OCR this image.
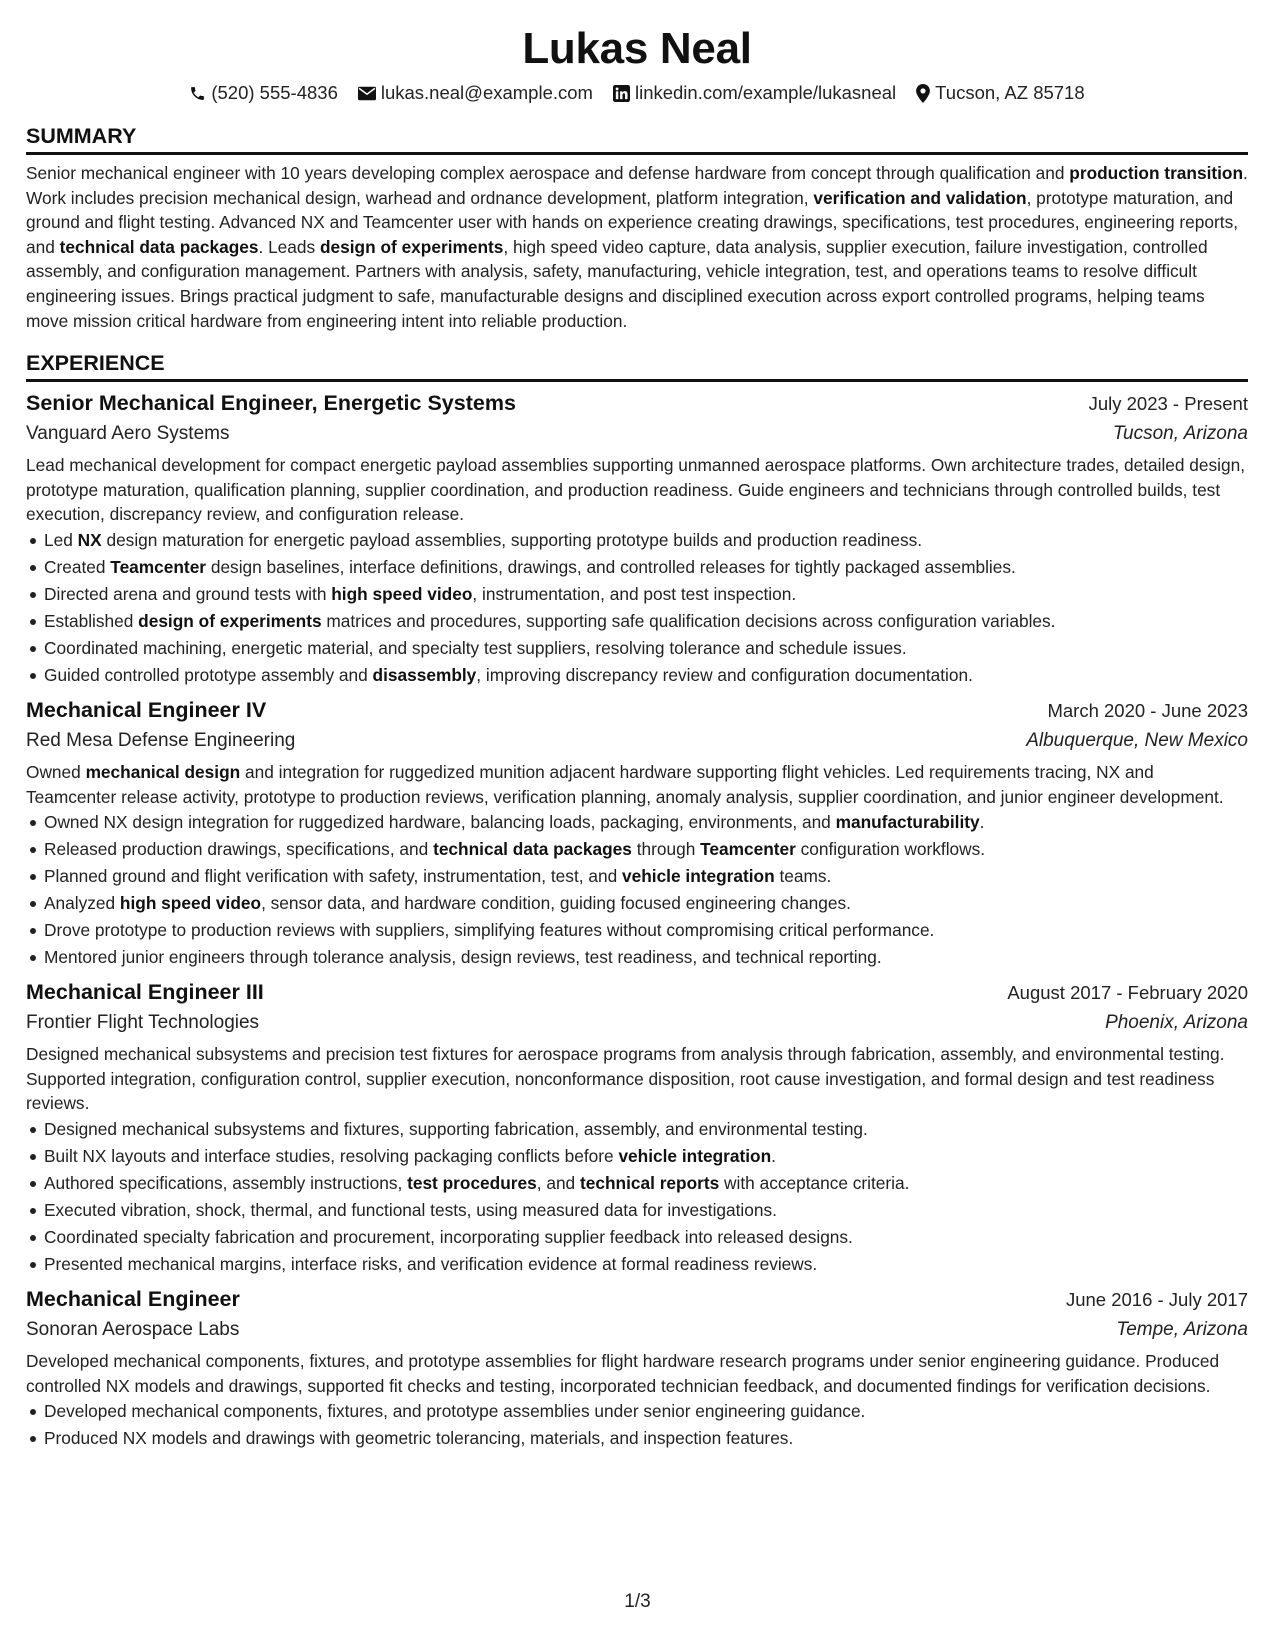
Lukas Neal
(520) 555-4836 lukas.neal@example.com linkedin.com/example/lukasneal Tucson, AZ 85718
SUMMARY

Senior mechanical engineer with 10 years developing complex aerospace and defense hardware from concept through qualification and production transition. Work includes precision mechanical design, warhead and ordnance development, platform integration, verification and validation, prototype maturation, and ground and flight testing. Advanced NX and Teamcenter user with hands on experience creating drawings, specifications, test procedures, engineering reports, and technical data packages. Leads design of experiments, high speed video capture, data analysis, supplier execution, failure investigation, controlled assembly, and configuration management. Partners with analysis, safety, manufacturing, vehicle integration, test, and operations teams to resolve difficult engineering issues. Brings practical judgment to safe, manufacturable designs and disciplined execution across export controlled programs, helping teams move mission critical hardware from engineering intent into reliable production.

EXPERIENCE
Senior Mechanical Engineer, Energetic Systems	July 2023 - Present
Vanguard Aero Systems	Tucson, Arizona

Lead mechanical development for compact energetic payload assemblies supporting unmanned aerospace platforms. Own architecture trades, detailed design, prototype maturation, qualification planning, supplier coordination, and production readiness. Guide engineers and technicians through controlled builds, test execution, discrepancy review, and configuration release.

Led NX design maturation for energetic payload assemblies, supporting prototype builds and production readiness.
Created Teamcenter design baselines, interface definitions, drawings, and controlled releases for tightly packaged assemblies.
Directed arena and ground tests with high speed video, instrumentation, and post test inspection.
Established design of experiments matrices and procedures, supporting safe qualification decisions across configuration variables.
Coordinated machining, energetic material, and specialty test suppliers, resolving tolerance and schedule issues.
Guided controlled prototype assembly and disassembly, improving discrepancy review and configuration documentation.
Mechanical Engineer IV	March 2020 - June 2023
Red Mesa Defense Engineering	Albuquerque, New Mexico

Owned mechanical design and integration for ruggedized munition adjacent hardware supporting flight vehicles. Led requirements tracing, NX and Teamcenter release activity, prototype to production reviews, verification planning, anomaly analysis, supplier coordination, and junior engineer development.

Owned NX design integration for ruggedized hardware, balancing loads, packaging, environments, and manufacturability.
Released production drawings, specifications, and technical data packages through Teamcenter configuration workflows.
Planned ground and flight verification with safety, instrumentation, test, and vehicle integration teams.
Analyzed high speed video, sensor data, and hardware condition, guiding focused engineering changes.
Drove prototype to production reviews with suppliers, simplifying features without compromising critical performance.
Mentored junior engineers through tolerance analysis, design reviews, test readiness, and technical reporting.
Mechanical Engineer III	August 2017 - February 2020
Frontier Flight Technologies	Phoenix, Arizona

Designed mechanical subsystems and precision test fixtures for aerospace programs from analysis through fabrication, assembly, and environmental testing. Supported integration, configuration control, supplier execution, nonconformance disposition, root cause investigation, and formal design and test readiness reviews.

Designed mechanical subsystems and fixtures, supporting fabrication, assembly, and environmental testing.
Built NX layouts and interface studies, resolving packaging conflicts before vehicle integration.
Authored specifications, assembly instructions, test procedures, and technical reports with acceptance criteria.
Executed vibration, shock, thermal, and functional tests, using measured data for investigations.
Coordinated specialty fabrication and procurement, incorporating supplier feedback into released designs.
Presented mechanical margins, interface risks, and verification evidence at formal readiness reviews.
Mechanical Engineer	June 2016 - July 2017
Sonoran Aerospace Labs	Tempe, Arizona

Developed mechanical components, fixtures, and prototype assemblies for flight hardware research programs under senior engineering guidance. Produced controlled NX models and drawings, supported fit checks and testing, incorporated technician feedback, and documented findings for verification decisions.

Developed mechanical components, fixtures, and prototype assemblies under senior engineering guidance.
Produced NX models and drawings with geometric tolerancing, materials, and inspection features.
1/3
